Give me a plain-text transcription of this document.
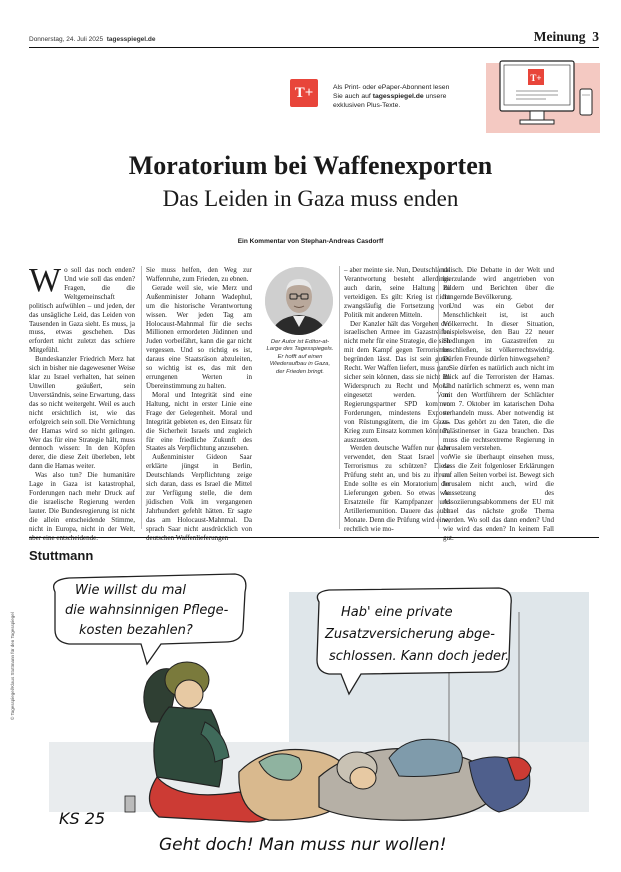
Donnerstag, 24. Juli 2025 tagesspiegel.de	Meinung 3
T+	Als Print- oder ePaper-Abonnent lesen
Sie auch auf tagesspiegel.de unsere
exklusiven Plus-Texte.
T+
Moratorium bei Waffenexporten
Das Leiden in Gaza muss enden
Ein Kommentar von Stephan-Andreas Casdorff

Wo soll das noch enden? Und wie soll das enden? Fragen, die die Weltgemeinschaft politisch aufwühlen – und jeden, der das unsägliche Leid, das Leiden von Tausenden in Gaza sieht. Es muss, ja muss, etwas geschehen. Das erfordert nicht zuletzt das schiere Mitgefühl.

Bundeskanzler Friedrich Merz hat sich in bisher nie dagewesener Weise klar zu Israel verhalten, hat seinen Unwillen geäußert, sein Unverständnis, seine Erwartung, dass das so nicht weitergeht. Weil es auch nicht ersichtlich ist, wie das erfolgreich sein soll. Die Vernichtung der Hamas wird so nicht gelingen. Wer das für eine Strategie hält, muss dennoch wissen: In den Köpfen derer, die diese Zeit überleben, lebt dann die Hamas weiter.

Was also tun? Die humanitäre Lage in Gaza ist katastrophal, Forderungen nach mehr Druck auf die israelische Regierung werden lauter. Die Bundesregierung ist nicht die allein entscheidende Stimme, nicht in Europa, nicht in der Welt, aber eine entscheidende.

Sie muss helfen, den Weg zur Waffenruhe, zum Frieden, zu ebnen.

Gerade weil sie, wie Merz und Außenminister Johann Wadephul, um die historische Verantwortung wissen. Wer jeden Tag am Holocaust-Mahnmal für die sechs Millionen ermordeten Jüdinnen und Juden vorbeifährt, kann die gar nicht vergessen. Und so richtig es ist, daraus eine Staatsräson abzuleiten, so wichtig ist es, das mit den errungenen Werten in Übereinstimmung zu halten.

Moral und Integrität sind eine Haltung, nicht in erster Linie eine Frage der Gelegenheit. Moral und Integrität gebieten es, den Einsatz für die Sicherheit Israels und zugleich für eine friedliche Zukunft des Staates als Verpflichtung anzusehen.

Außenminister Gideon Saar erklärte jüngst in Berlin, Deutschlands Verpflichtung zeige sich daran, dass es Israel die Mittel zur Verfügung stelle, die dem jüdischen Volk im vergangenen Jahrhundert gefehlt hätten. Er sagte das am Holocaust-Mahnmal. Da sprach Saar nicht ausdrücklich von deutschen Waffenlieferungen

Der Autor ist Editor-at-Large des Tagesspiegels. Er hofft auf einen Wiederaufbau in Gaza, der Frieden bringt.

– aber meinte sie. Nun, Deutschlands Verantwortung besteht allerdings auch darin, seine Haltung zu verteidigen. Es gilt: Krieg ist nicht zwangsläufig die Fortsetzung von Politik mit anderen Mitteln.

Der Kanzler hält das Vorgehen der israelischen Armee im Gazastreifen nicht mehr für eine Strategie, die sich mit dem Kampf gegen Terrorismus begründen lässt. Das ist sein gutes Recht. Wer Waffen liefert, muss ganz sicher sein können, dass sie nicht im Widerspruch zu Recht und Moral eingesetzt werden. Vom Regierungspartner SPD kommen Forderungen, mindestens Exporte von Rüstungsgütern, die im Gaza-Krieg zum Einsatz kommen könnten, auszusetzen.

Werden deutsche Waffen nur dazu verwendet, den Staat Israel vor Terrorismus zu schützen? Diese Prüfung steht an, und bis zu ihrem Ende sollte es ein Moratorium der Lieferungen geben. So etwas wie Ersatzteile für Kampfpanzer und Artilleriemunition. Dauere das auch Monate. Denn die Prüfung wird eine, rechtlich wie mo-

ralisch. Die Debatte in der Welt und hierzulande wird angetrieben von Bildern und Berichten über die hungernde Bevölkerung.

Und was ein Gebot der Menschlichkeit ist, ist auch Völkerrecht. In dieser Situation, beispielsweise, den Bau 22 neuer Siedlungen im Gazastreifen zu beschließen, ist völkerrechtswidrig. Dürfen Freunde dürfen hinwegsehen?

Sie dürfen es natürlich auch nicht im Blick auf die Terroristen der Hamas. Und natürlich schmerzt es, wenn man mit den Wortführern der Schlächter vom 7. Oktober im katarischen Doha verhandeln muss. Aber notwendig ist es. Das gehört zu den Taten, die die Palästinenser in Gaza brauchen. Das muss die rechtsextreme Regierung in Jerusalem verstehen.

Wie sie überhaupt einsehen muss, dass die Zeit folgenloser Erklärungen auf allen Seiten vorbei ist. Bewegt sich Jerusalem nicht auch, wird die Aussetzung des Assoziierungsabkommens der EU mit Israel das nächste große Thema werden. Wo soll das dann enden? Und wie wird das enden? In keinem Fall gut.

Stuttmann
© Tagesspiegel/Klaus Stuttmann für den Tagesspiegel
Wie willst du mal
die wahnsinnigen Pflege-
kosten bezahlen?
Hab' eine private
Zusatzversicherung abge-
schlossen. Kann doch jeder.
KS 25
Geht doch! Man muss nur wollen!
